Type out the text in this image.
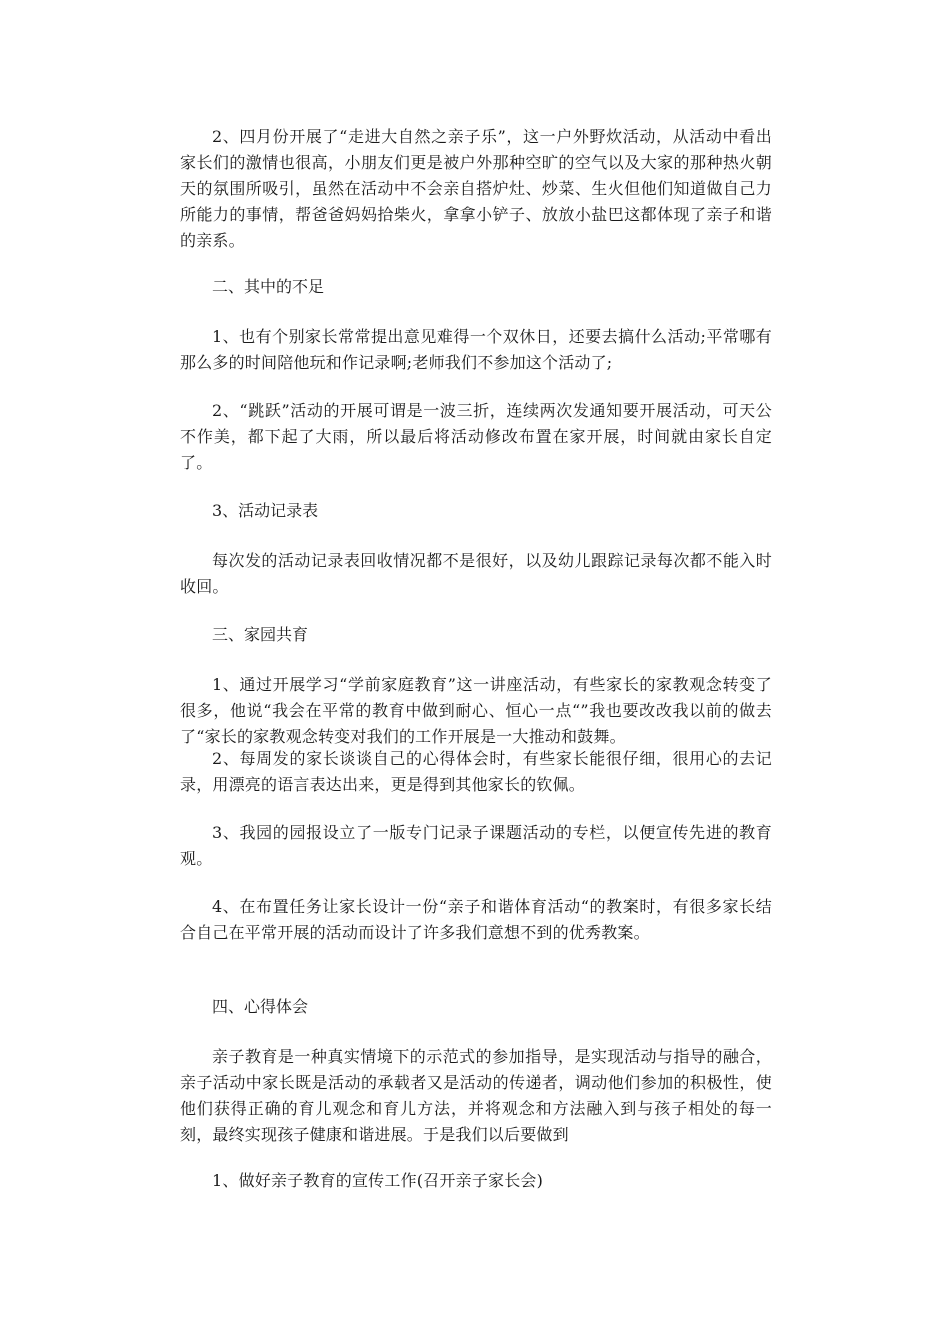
2、四月份开展了“走进大自然之亲子乐”，这一户外野炊活动，从活动中看出家长们的激情也很高，小朋友们更是被户外那种空旷的空气以及大家的那种热火朝天的氛围所吸引，虽然在活动中不会亲自搭炉灶、炒菜、生火但他们知道做自己力所能力的事情，帮爸爸妈妈拾柴火，拿拿小铲子、放放小盐巴这都体现了亲子和谐的亲系。

二、其中的不足

1、也有个别家长常常提出意见难得一个双休日，还要去搞什么活动;平常哪有那么多的时间陪他玩和作记录啊;老师我们不参加这个活动了;

2、“跳跃”活动的开展可谓是一波三折，连续两次发通知要开展活动，可天公不作美，都下起了大雨，所以最后将活动修改布置在家开展，时间就由家长自定了。

3、活动记录表

每次发的活动记录表回收情况都不是很好，以及幼儿跟踪记录每次都不能入时收回。

三、家园共育

1、通过开展学习“学前家庭教育”这一讲座活动，有些家长的家教观念转变了很多，他说“我会在平常的教育中做到耐心、恒心一点“”我也要改改我以前的做去了“家长的家教观念转变对我们的工作开展是一大推动和鼓舞。

2、每周发的家长谈谈自己的心得体会时，有些家长能很仔细，很用心的去记录，用漂亮的语言表达出来，更是得到其他家长的钦佩。

3、我园的园报设立了一版专门记录子课题活动的专栏，以便宣传先进的教育观。

4、在布置任务让家长设计一份“亲子和谐体育活动“的教案时，有很多家长结合自己在平常开展的活动而设计了许多我们意想不到的优秀教案。

四、心得体会

亲子教育是一种真实情境下的示范式的参加指导，是实现活动与指导的融合，亲子活动中家长既是活动的承载者又是活动的传递者，调动他们参加的积极性，使他们获得正确的育儿观念和育儿方法，并将观念和方法融入到与孩子相处的每一刻，最终实现孩子健康和谐进展。于是我们以后要做到

1、做好亲子教育的宣传工作(召开亲子家长会)
